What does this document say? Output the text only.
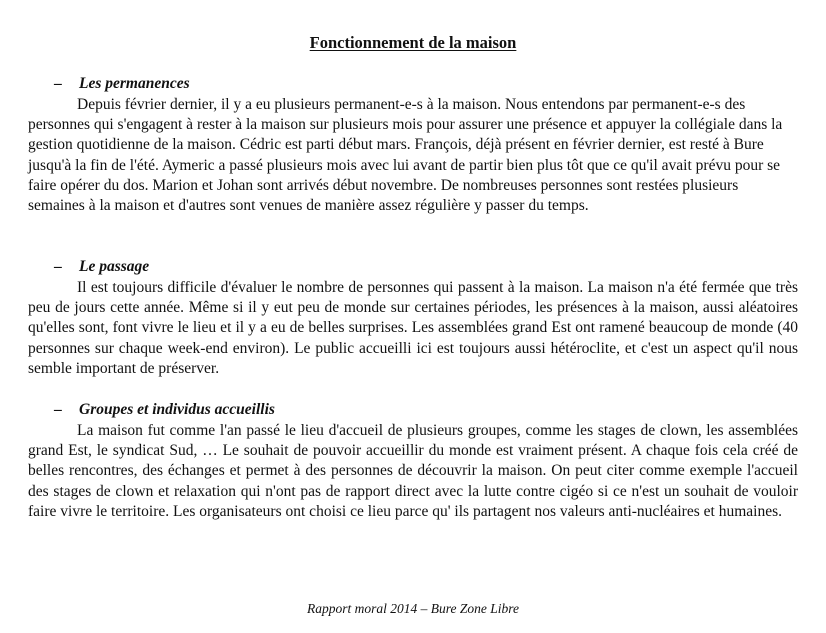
Fonctionnement de la maison
– Les permanences

Depuis février dernier, il y a eu plusieurs permanent-e-s à la maison. Nous entendons par permanent-e-s des personnes qui s'engagent à rester à la maison sur plusieurs mois pour assurer une présence et appuyer la collégiale dans la gestion quotidienne de la maison. Cédric est parti début mars. François, déjà présent en février dernier, est resté à Bure jusqu'à la fin de l'été. Aymeric a passé plusieurs mois avec lui avant de partir bien plus tôt que ce qu'il avait prévu pour se faire opérer du dos. Marion et Johan sont arrivés début novembre. De nombreuses personnes sont restées plusieurs semaines à la maison et d'autres sont venues de manière assez régulière y passer du temps.

– Le passage

Il est toujours difficile d'évaluer le nombre de personnes qui passent à la maison. La maison n'a été fermée que très peu de jours cette année. Même si il y eut peu de monde sur certaines périodes, les présences à la maison, aussi aléatoires qu'elles sont, font vivre le lieu et il y a eu de belles surprises. Les assemblées grand Est ont ramené beaucoup de monde (40 personnes sur chaque week-end environ). Le public accueilli ici est toujours aussi hétéroclite, et c'est un aspect qu'il nous semble important de préserver.

– Groupes et individus accueillis

La maison fut comme l'an passé le lieu d'accueil de plusieurs groupes, comme les stages de clown, les assemblées grand Est, le syndicat Sud, … Le souhait de pouvoir accueillir du monde est vraiment présent. A chaque fois cela créé de belles rencontres, des échanges et permet à des personnes de découvrir la maison. On peut citer comme exemple l'accueil des stages de clown et relaxation qui n'ont pas de rapport direct avec la lutte contre cigéo si ce n'est un souhait de vouloir faire vivre le territoire. Les organisateurs ont choisi ce lieu parce qu' ils partagent nos valeurs anti-nucléaires et humaines.

Rapport moral 2014 – Bure Zone Libre
